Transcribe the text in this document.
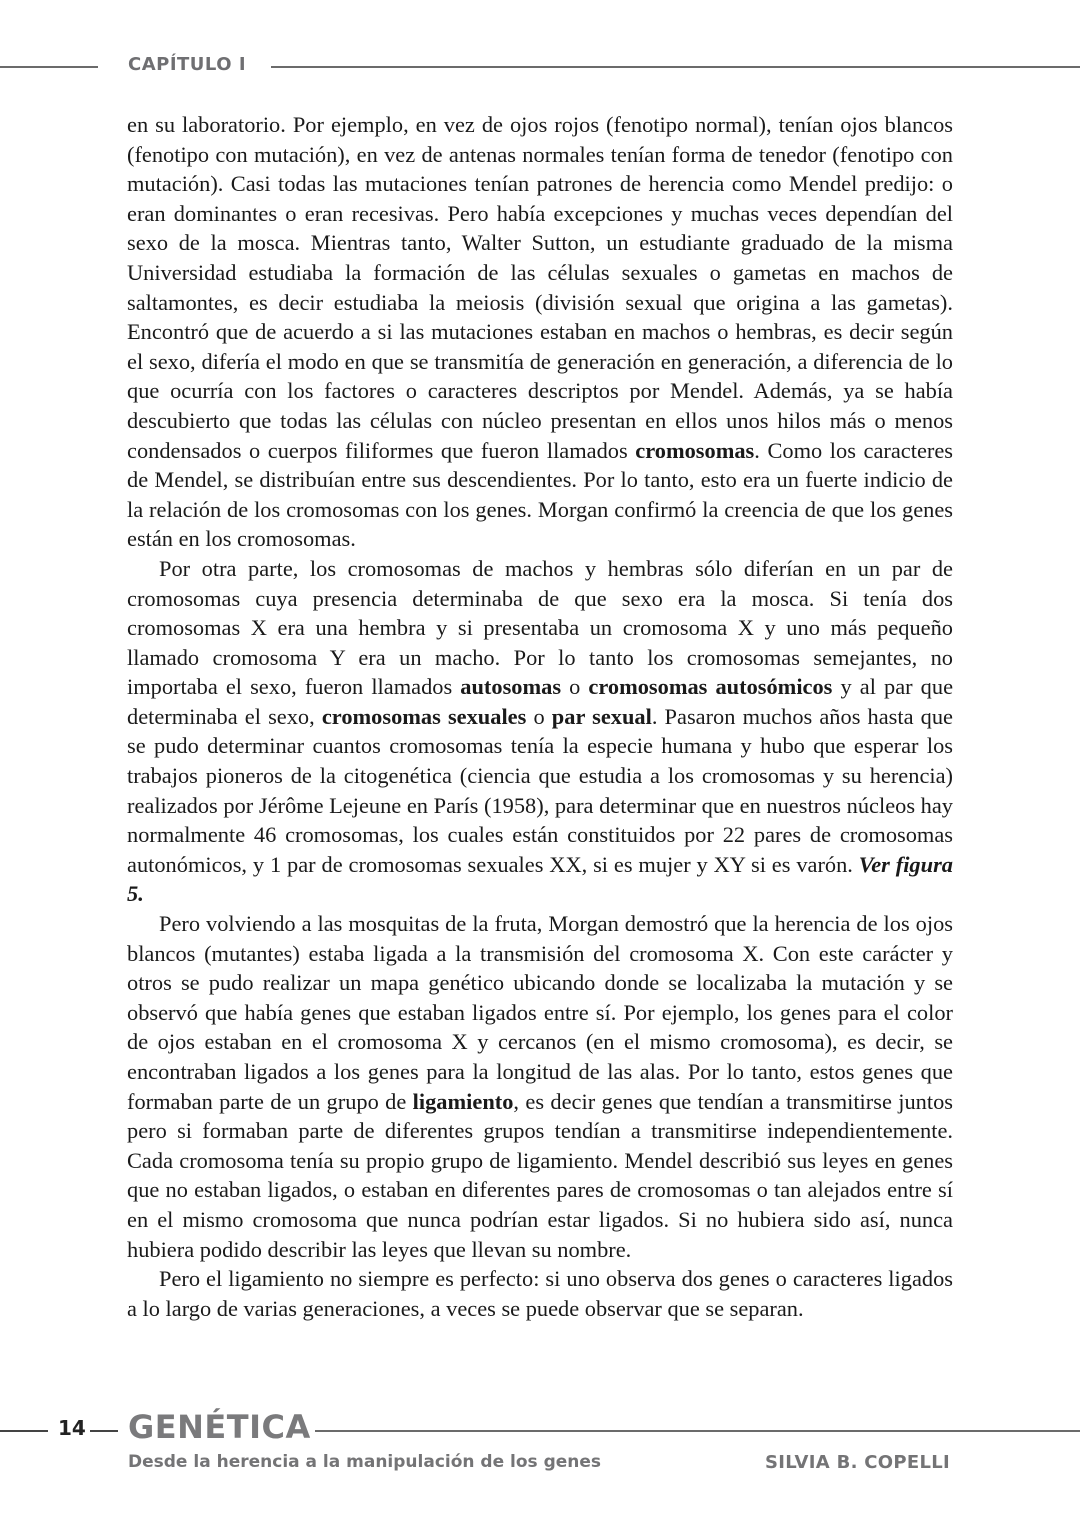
CAPÍTULO I

en su laboratorio. Por ejemplo, en vez de ojos rojos (fenotipo normal), tenían ojos blancos (fenotipo con mutación), en vez de antenas normales tenían forma de tenedor (fenotipo con mutación). Casi todas las mutaciones tenían patrones de herencia como Mendel predijo: o eran dominantes o eran recesivas. Pero había excepciones y muchas veces dependían del sexo de la mosca. Mientras tanto, Walter Sutton, un estudiante graduado de la misma Universidad estudiaba la formación de las células sexuales o gametas en machos de saltamontes, es decir estudiaba la meiosis (división sexual que origina a las gametas). Encontró que de acuerdo a si las mutaciones estaban en machos o hembras, es decir según el sexo, difería el modo en que se transmitía de generación en generación, a diferencia de lo que ocurría con los factores o caracteres descriptos por Mendel. Además, ya se había descubierto que todas las células con núcleo presentan en ellos unos hilos más o menos condensados o cuerpos filiformes que fueron llamados cromosomas. Como los caracteres de Mendel, se distribuían entre sus descendientes. Por lo tanto, esto era un fuerte indicio de la relación de los cromosomas con los genes. Morgan confirmó la creencia de que los genes están en los cromosomas.

Por otra parte, los cromosomas de machos y hembras sólo diferían en un par de cromosomas cuya presencia determinaba de que sexo era la mosca. Si tenía dos cromosomas X era una hembra y si presentaba un cromosoma X y uno más pequeño llamado cromosoma Y era un macho. Por lo tanto los cromosomas semejantes, no importaba el sexo, fueron llamados autosomas o cromosomas autosómicos y al par que determinaba el sexo, cromosomas sexuales o par sexual. Pasaron muchos años hasta que se pudo determinar cuantos cromosomas tenía la especie humana y hubo que esperar los trabajos pioneros de la citogenética (ciencia que estudia a los cromosomas y su herencia) realizados por Jérôme Lejeune en París (1958), para determinar que en nuestros núcleos hay normalmente 46 cromosomas, los cuales están constituidos por 22 pares de cromosomas autonómicos, y 1 par de cromosomas sexuales XX, si es mujer y XY si es varón. Ver figura 5.

Pero volviendo a las mosquitas de la fruta, Morgan demostró que la herencia de los ojos blancos (mutantes) estaba ligada a la transmisión del cromosoma X. Con este carácter y otros se pudo realizar un mapa genético ubicando donde se localizaba la mutación y se observó que había genes que estaban ligados entre sí. Por ejemplo, los genes para el color de ojos estaban en el cromosoma X y cercanos (en el mismo cromosoma), es decir, se encontraban ligados a los genes para la longitud de las alas. Por lo tanto, estos genes que formaban parte de un grupo de ligamiento, es decir genes que tendían a transmitirse juntos pero si formaban parte de diferentes grupos tendían a transmitirse independientemente. Cada cromosoma tenía su propio grupo de ligamiento. Mendel describió sus leyes en genes que no estaban ligados, o estaban en diferentes pares de cromosomas o tan alejados entre sí en el mismo cromosoma que nunca podrían estar ligados. Si no hubiera sido así, nunca hubiera podido describir las leyes que llevan su nombre.

Pero el ligamiento no siempre es perfecto: si uno observa dos genes o caracteres ligados a lo largo de varias generaciones, a veces se puede observar que se separan.

14 GENÉTICA
Desde la herencia a la manipulación de los genes	SILVIA B. COPELLI
